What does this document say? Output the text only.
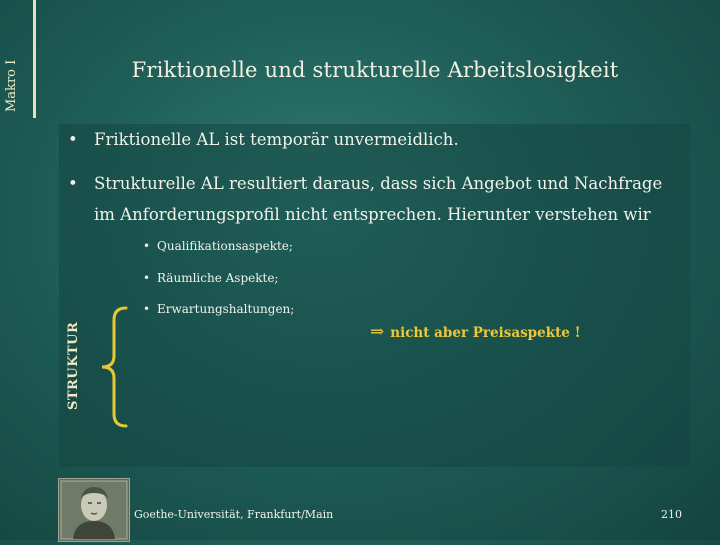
Makro I	Friktionelle und strukturelle Arbeitslosigkeit
• Friktionelle AL ist temporär unvermeidlich.
• Strukturelle AL resultiert daraus, dass sich Angebot und Nachfrage im Anforderungsprofil nicht entsprechen. Hierunter verstehen wir
• Qualifikationsaspekte;
• Räumliche Aspekte;
• Erwartungshaltungen;
STRUKTUR	⇒ nicht aber Preisaspekte !
Goethe-Universität, Frankfurt/Main	210
